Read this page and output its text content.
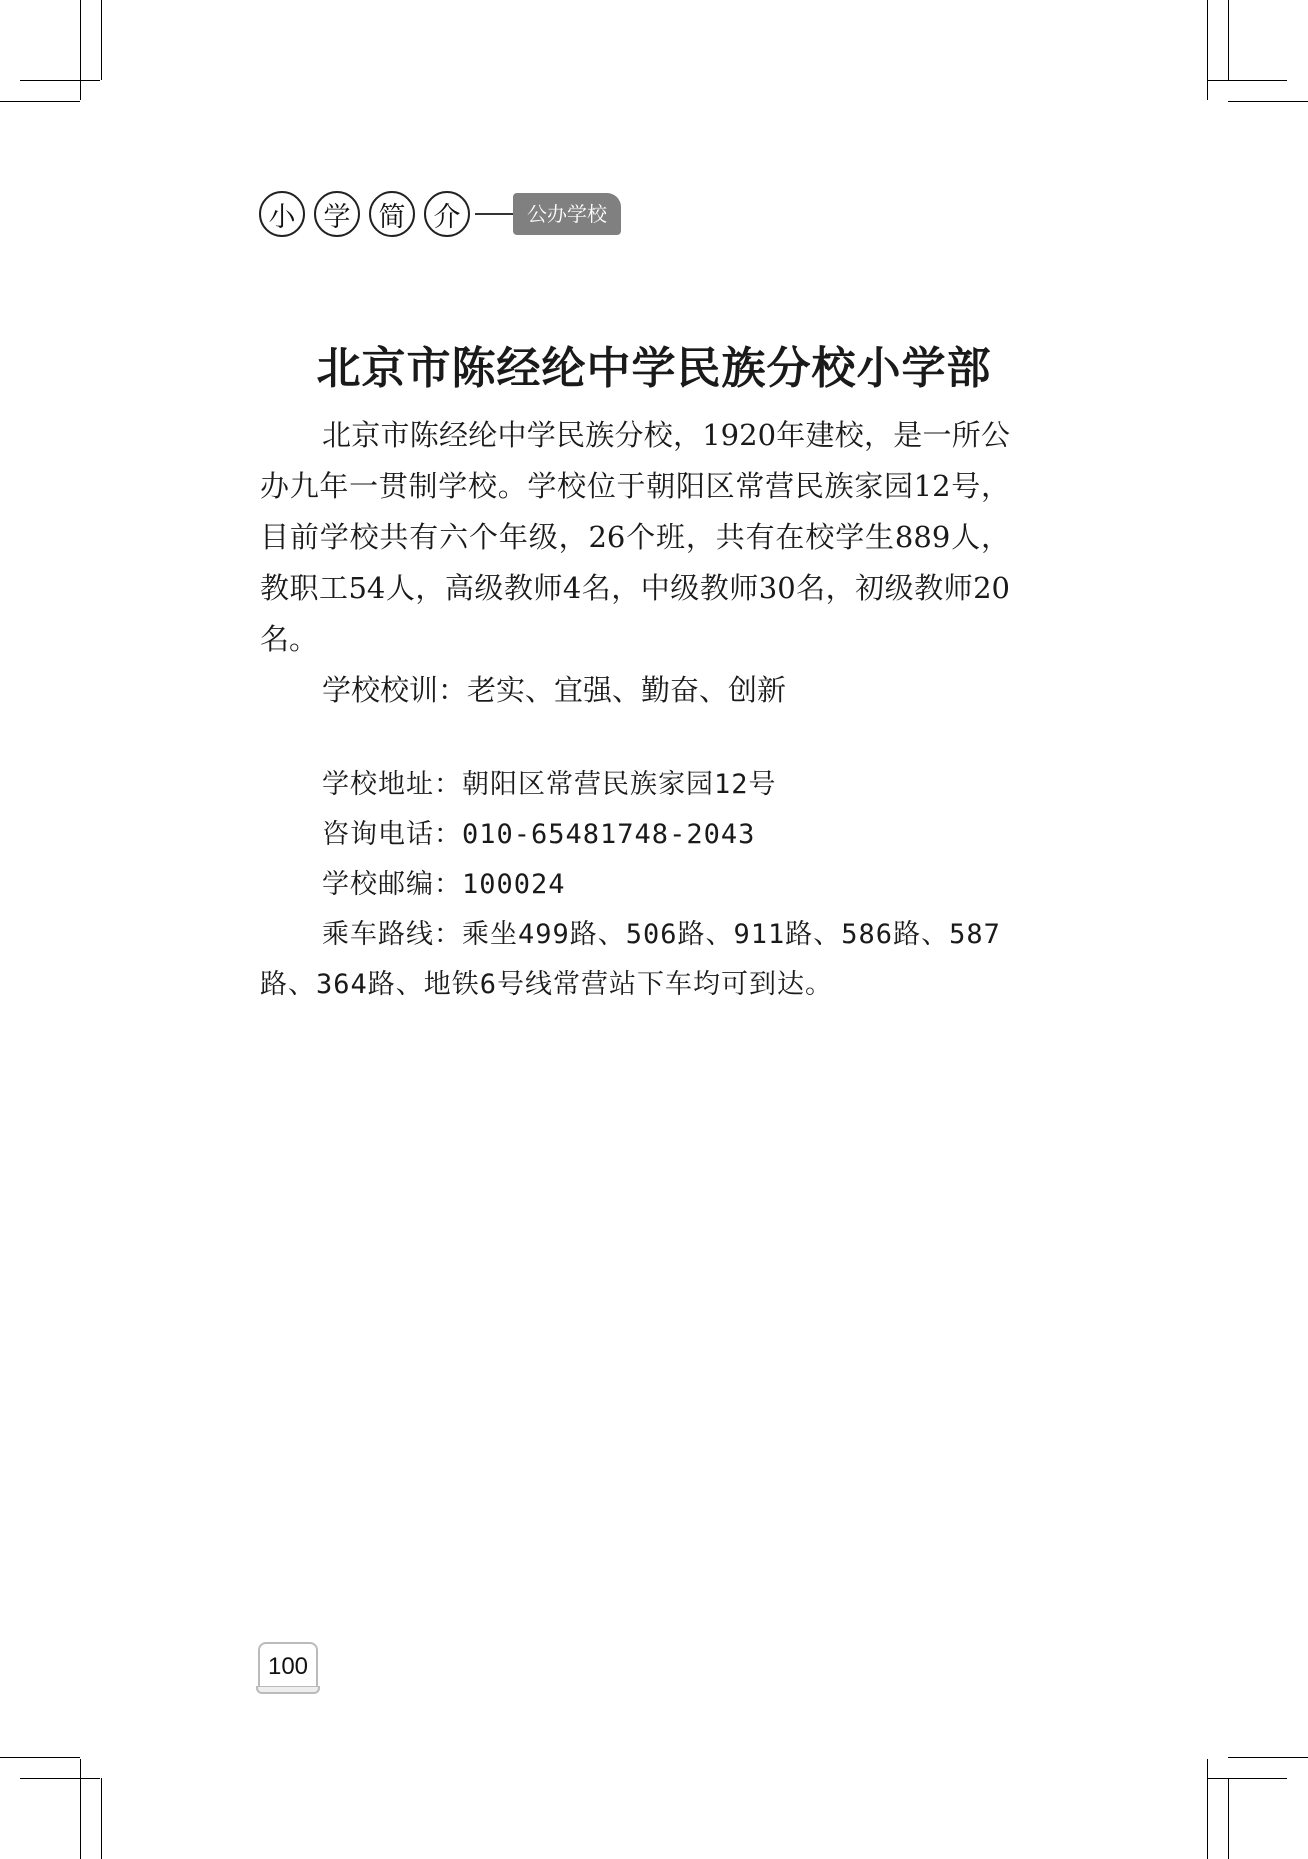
小	学	简	介	公办学校
北京市陈经纶中学民族分校小学部

北京市陈经纶中学民族分校，1920年建校，是一所公办九年一贯制学校。学校位于朝阳区常营民族家园12号，目前学校共有六个年级，26个班，共有在校学生889人，教职工54人，高级教师4名，中级教师30名，初级教师20名。

学校校训：老实、宜强、勤奋、创新

学校地址：朝阳区常营民族家园12号

咨询电话：010-65481748-2043

学校邮编：100024

乘车路线：乘坐499路、506路、911路、586路、587路、364路、地铁6号线常营站下车均可到达。

100
